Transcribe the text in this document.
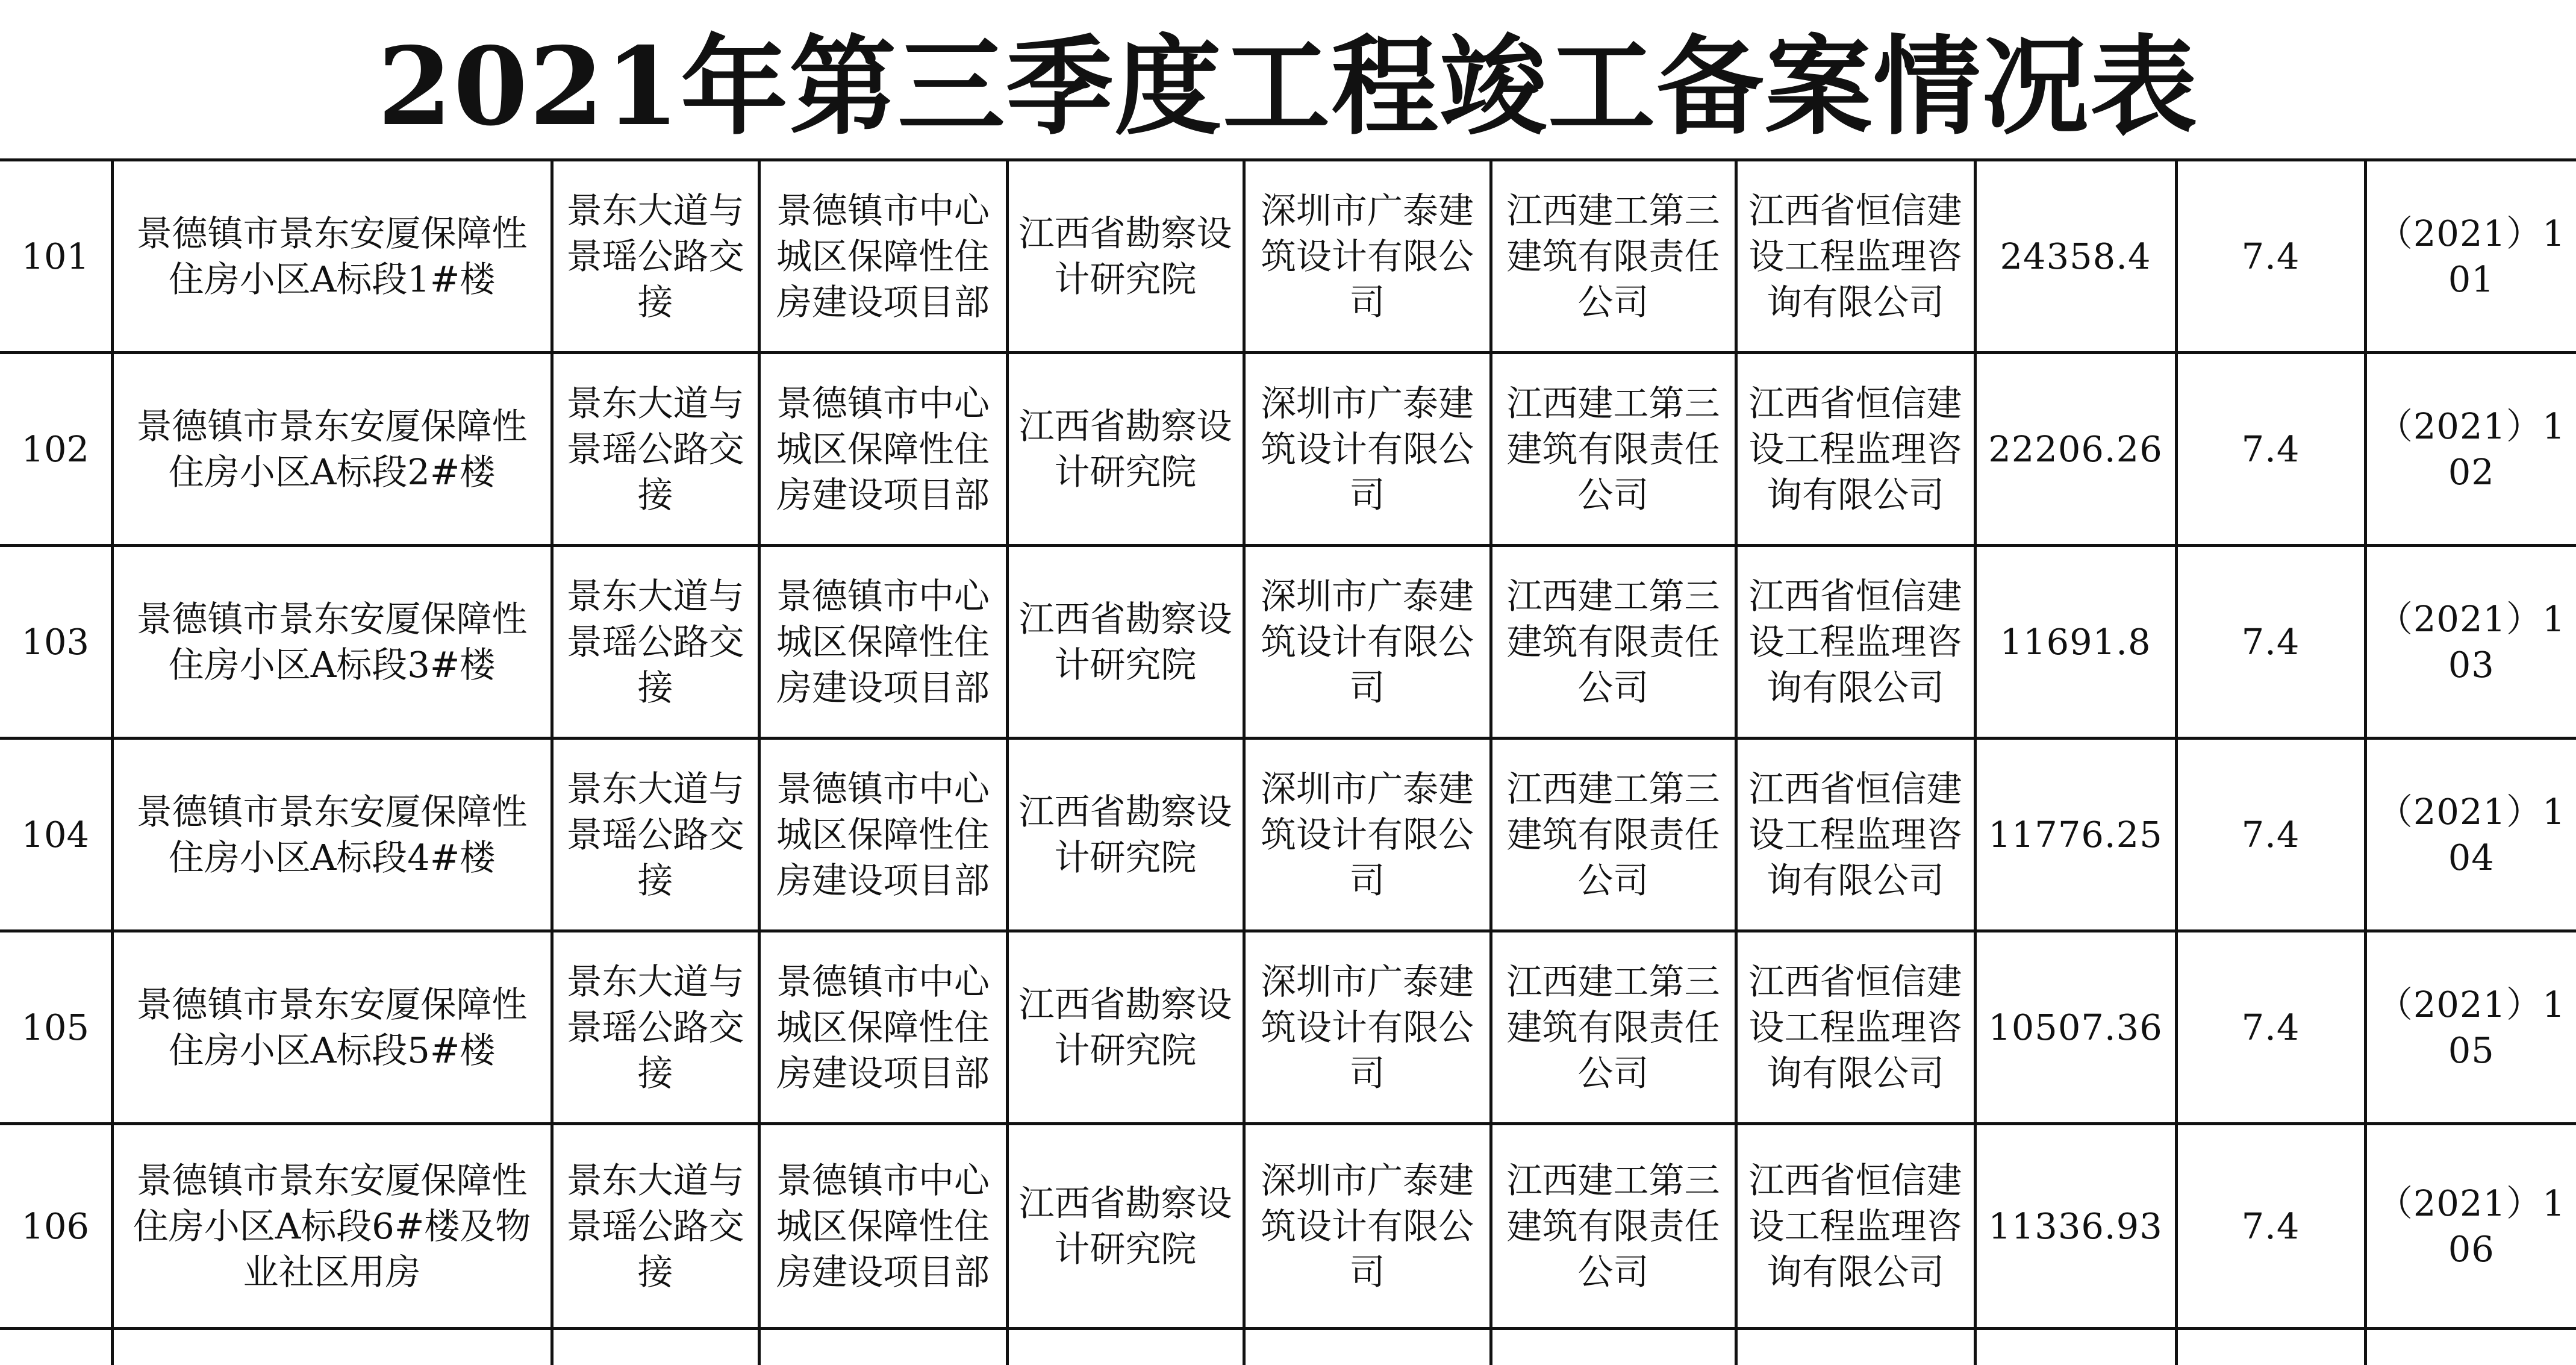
2021年第三季度工程竣工备案情况表
101	景德镇市景东安厦保障性住房小区A标段1#楼	景东大道与景瑶公路交接	景德镇市中心城区保障性住房建设项目部	江西省勘察设计研究院	深圳市广泰建筑设计有限公司	江西建工第三建筑有限责任公司	江西省恒信建设工程监理咨询有限公司	24358.4	7.4	（2021）101
102	景德镇市景东安厦保障性住房小区A标段2#楼	景东大道与景瑶公路交接	景德镇市中心城区保障性住房建设项目部	江西省勘察设计研究院	深圳市广泰建筑设计有限公司	江西建工第三建筑有限责任公司	江西省恒信建设工程监理咨询有限公司	22206.26	7.4	（2021）102
103	景德镇市景东安厦保障性住房小区A标段3#楼	景东大道与景瑶公路交接	景德镇市中心城区保障性住房建设项目部	江西省勘察设计研究院	深圳市广泰建筑设计有限公司	江西建工第三建筑有限责任公司	江西省恒信建设工程监理咨询有限公司	11691.8	7.4	（2021）103
104	景德镇市景东安厦保障性住房小区A标段4#楼	景东大道与景瑶公路交接	景德镇市中心城区保障性住房建设项目部	江西省勘察设计研究院	深圳市广泰建筑设计有限公司	江西建工第三建筑有限责任公司	江西省恒信建设工程监理咨询有限公司	11776.25	7.4	（2021）104
105	景德镇市景东安厦保障性住房小区A标段5#楼	景东大道与景瑶公路交接	景德镇市中心城区保障性住房建设项目部	江西省勘察设计研究院	深圳市广泰建筑设计有限公司	江西建工第三建筑有限责任公司	江西省恒信建设工程监理咨询有限公司	10507.36	7.4	（2021）105
106	景德镇市景东安厦保障性住房小区A标段6#楼及物业社区用房	景东大道与景瑶公路交接	景德镇市中心城区保障性住房建设项目部	江西省勘察设计研究院	深圳市广泰建筑设计有限公司	江西建工第三建筑有限责任公司	江西省恒信建设工程监理咨询有限公司	11336.93	7.4	（2021）106
